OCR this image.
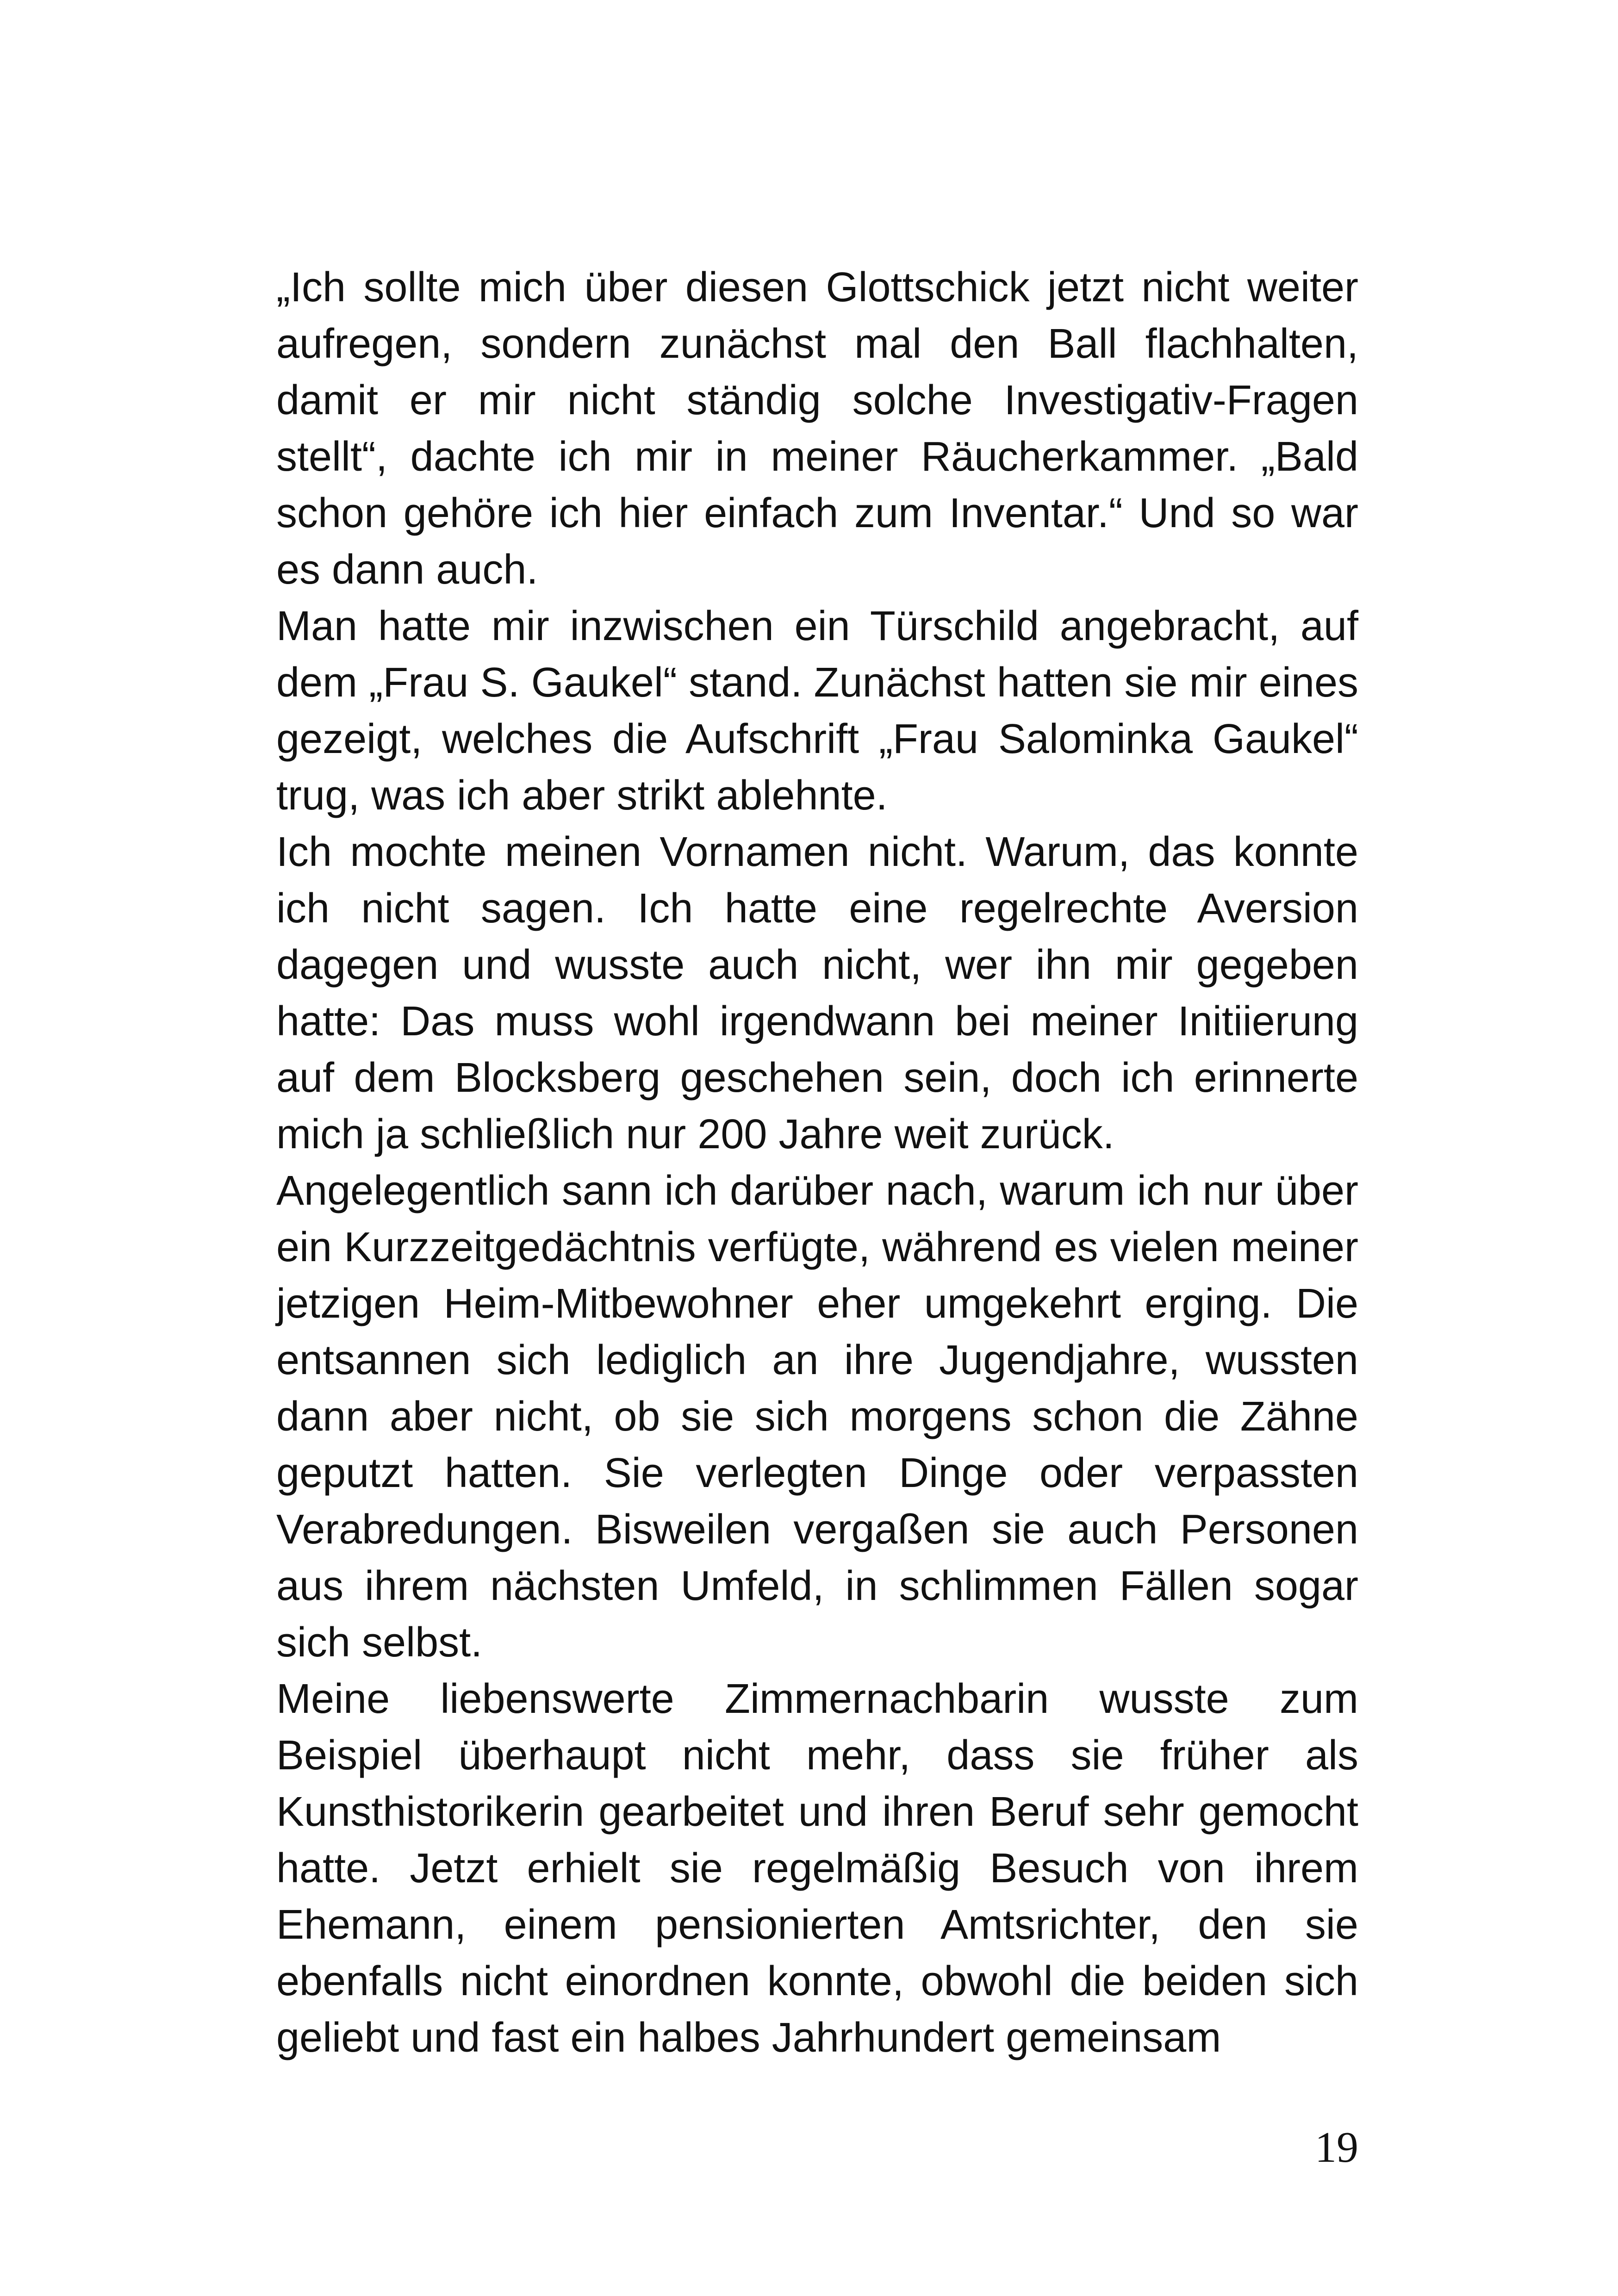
„Ich sollte mich über diesen Glottschick jetzt nicht weiter aufregen, sondern zunächst mal den Ball flachhalten, damit er mir nicht ständig solche Investigativ-Fragen stellt“, dachte ich mir in meiner Räucherkammer. „Bald schon gehöre ich hier einfach zum Inventar.“ Und so war es dann auch.

Man hatte mir inzwischen ein Türschild angebracht, auf dem „Frau S. Gaukel“ stand. Zunächst hatten sie mir eines gezeigt, welches die Aufschrift „Frau Salominka Gaukel“ trug, was ich aber strikt ablehnte.

Ich mochte meinen Vornamen nicht. Warum, das konnte ich nicht sagen. Ich hatte eine regelrechte Aversion dagegen und wusste auch nicht, wer ihn mir gegeben hatte: Das muss wohl irgendwann bei meiner Initiierung auf dem Blocksberg geschehen sein, doch ich erinnerte mich ja schließlich nur 200 Jahre weit zurück.

Angelegentlich sann ich darüber nach, warum ich nur über ein Kurzzeitgedächtnis verfügte, während es vielen meiner jetzigen Heim-Mitbewohner eher umgekehrt erging. Die entsannen sich lediglich an ihre Jugendjahre, wussten dann aber nicht, ob sie sich morgens schon die Zähne geputzt hatten. Sie verlegten Dinge oder verpassten Verabredungen. Bisweilen vergaßen sie auch Personen aus ihrem nächsten Umfeld, in schlimmen Fällen sogar sich selbst.

Meine liebenswerte Zimmernachbarin wusste zum Beispiel überhaupt nicht mehr, dass sie früher als Kunsthistorikerin gearbeitet und ihren Beruf sehr gemocht hatte. Jetzt erhielt sie regelmäßig Besuch von ihrem Ehemann, einem pensionierten Amtsrichter, den sie ebenfalls nicht einordnen konnte, obwohl die beiden sich geliebt und fast ein halbes Jahrhundert gemeinsam

19
